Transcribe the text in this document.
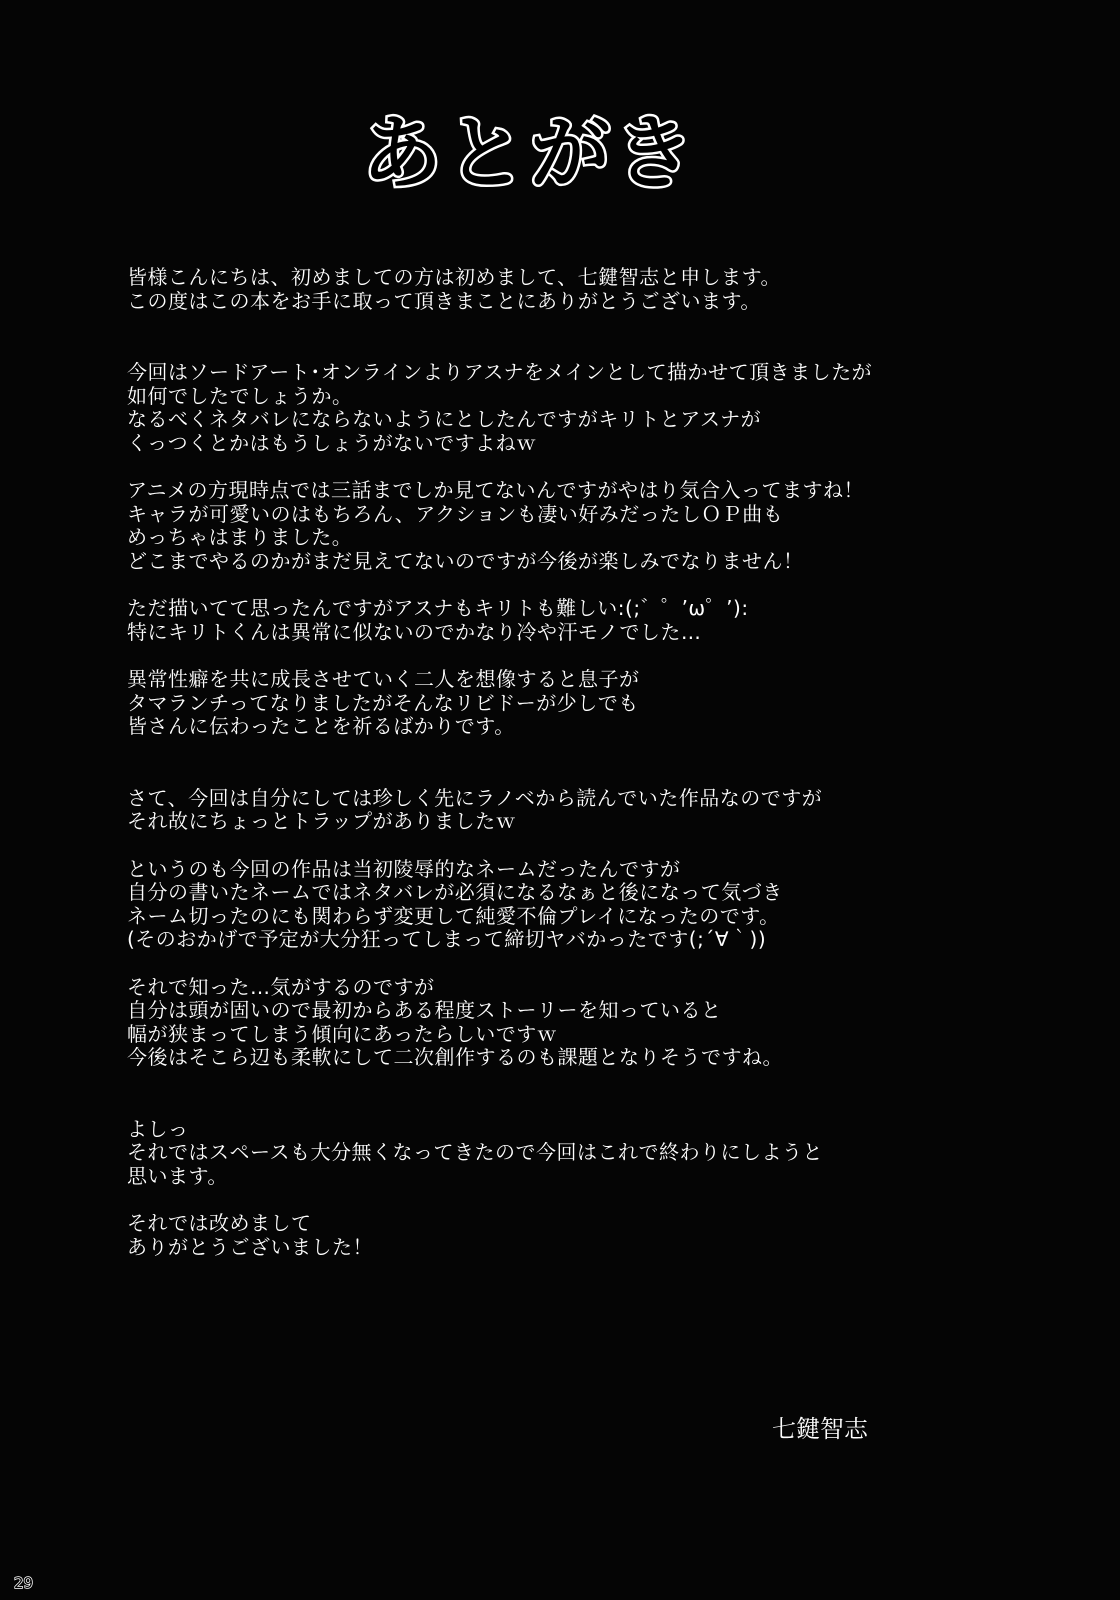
あとがき
皆様こんにちは、初めましての方は初めまして、七鍵智志と申します。
この度はこの本をお手に取って頂きまことにありがとうございます。
今回はソードアート･オンラインよりアスナをメインとして描かせて頂きましたが
如何でしたでしょうか。
なるべくネタバレにならないようにとしたんですがキリトとアスナが
くっつくとかはもうしょうがないですよねｗ
アニメの方現時点では三話までしか見てないんですがやはり気合入ってますね！
キャラが可愛いのはもちろん、アクションも凄い好みだったしＯＰ曲も
めっちゃはまりました。
どこまでやるのかがまだ見えてないのですが今後が楽しみでなりません！
ただ描いてて思ったんですがアスナもキリトも難しい:(;゛゜’ω゜’):
特にキリトくんは異常に似ないのでかなり冷や汗モノでした…
異常性癖を共に成長させていく二人を想像すると息子が
タマランチってなりましたがそんなリビドーが少しでも
皆さんに伝わったことを祈るばかりです。
さて、今回は自分にしては珍しく先にラノベから読んでいた作品なのですが
それ故にちょっとトラップがありましたｗ
というのも今回の作品は当初陵辱的なネームだったんですが
自分の書いたネームではネタバレが必須になるなぁと後になって気づき
ネーム切ったのにも関わらず変更して純愛不倫プレイになったのです。
(そのおかげで予定が大分狂ってしまって締切ヤバかったです(;´∀｀))
それで知った…気がするのですが
自分は頭が固いので最初からある程度ストーリーを知っていると
幅が狭まってしまう傾向にあったらしいですｗ
今後はそこら辺も柔軟にして二次創作するのも課題となりそうですね。
よしっ
それではスペースも大分無くなってきたので今回はこれで終わりにしようと
思います。
それでは改めまして
ありがとうございました！
七鍵智志
29
